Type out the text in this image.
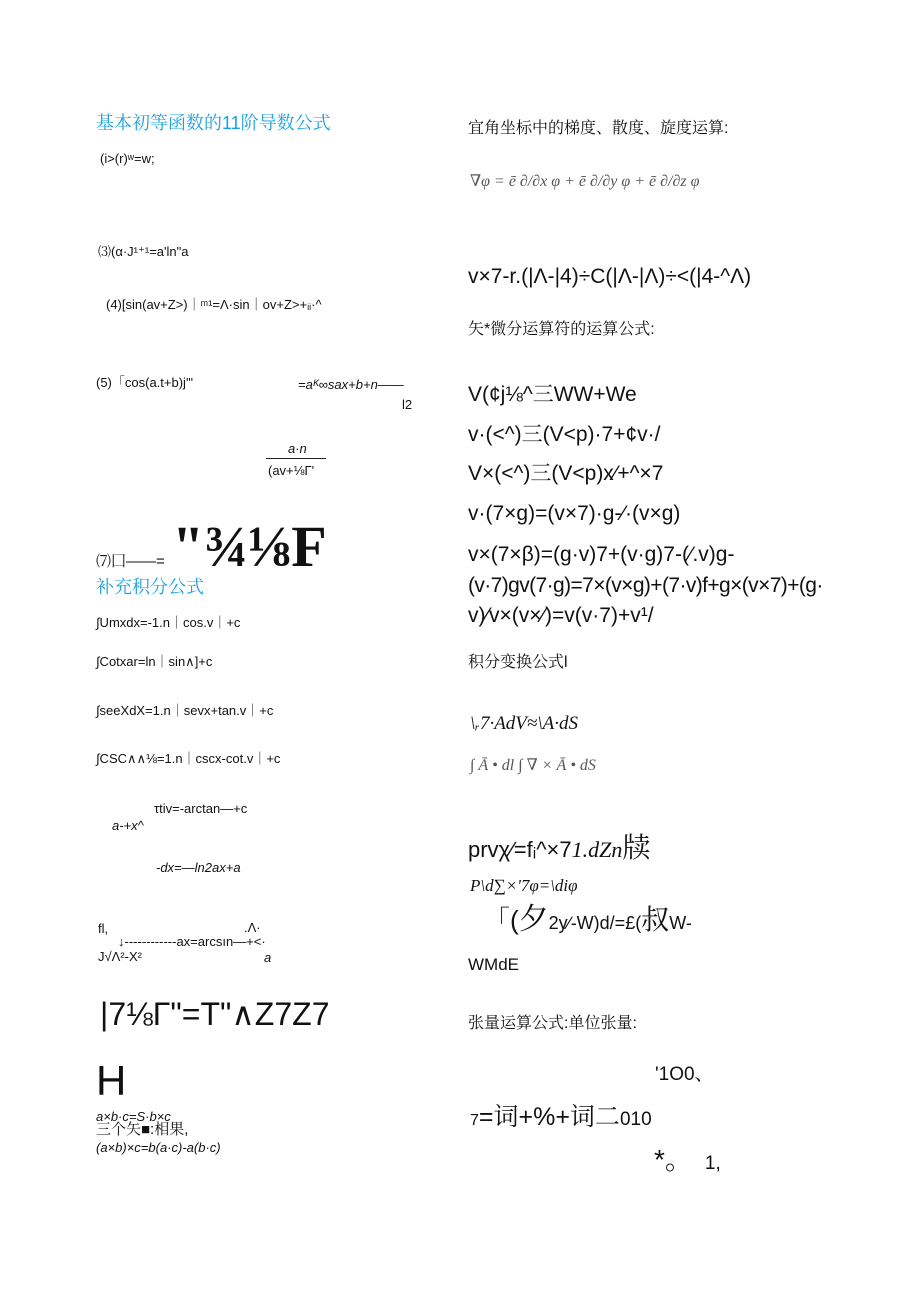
基本初等函数的11阶导数公式
(i>(r)ʷ=w;
⑶(α·J¹⁺¹=a'ln"a
(4)[sin(av+Z>)｜ᵐ¹=Λ·sin｜ov+Z>+ᵢᵢ·^
(5)「cos(a.t+b)j'"	=aᴷ∞sax+b+n——
l2
a·n
(av+⅛Γ'
⑺囗——= "¾⅛F
补充积分公式
∫Umxdx=-1.n｜cos.v｜+c
∫Cotxar=ln｜sin∧]+c
∫seeXdX=1.n｜sevx+tan.v｜+c
∫CSC∧∧⅛=1.n｜cscx-cot.v｜+c
τtiv=-arctan—+c
a-+x^
-dx=—ln2ax+a
fl,	.Λ·
↓------------ax=arcsın—+<·
J√Λ²-X²	a
|7⅛Γ"=T"∧Z7Z7
H
a×b·c=S·b×c
三个矢■:相果,
(a×b)×c=b(a·c)-a(b·c)
宜角坐标中的梯度、散度、旋度运算:
∇φ = ē ∂/∂x φ + ē ∂/∂y φ + ē ∂/∂z φ
v×7-r.(|Λ-|4)÷C(|Λ-|Λ)÷<(|4-^Λ)
矢*微分运算符的运算公式:
V(¢j⅛^三WW+We
v·(<^)三(V<p)·7+¢v·/
V×(<^)三(V<p)x∕+^×7
v·(7×g)=(v×7)·g-∕·(v×g)
v×(7×β)=(g·v)7+(v·g)7-(∕.v)g-
(v·7)gv(7·g)=7×(v×g)+(7·v)f+g×(v×7)+(g·
v)∕v×(v×∕)=v(v·7)+v¹/
积分变换公式l
\ᵣ7·AdV≈\A·dS
∫ Ā • dl ∫ ∇ × Ā • dS
prvχ∕=fᵢ^×71.dZn牍
P\d∑×'7φ=\diφ
「(夕2y∕-W)d/=£(叔W-
WMdE
张量运算公式:单位张量:
'1O0、
7=词+%+词二010
*。 1,
